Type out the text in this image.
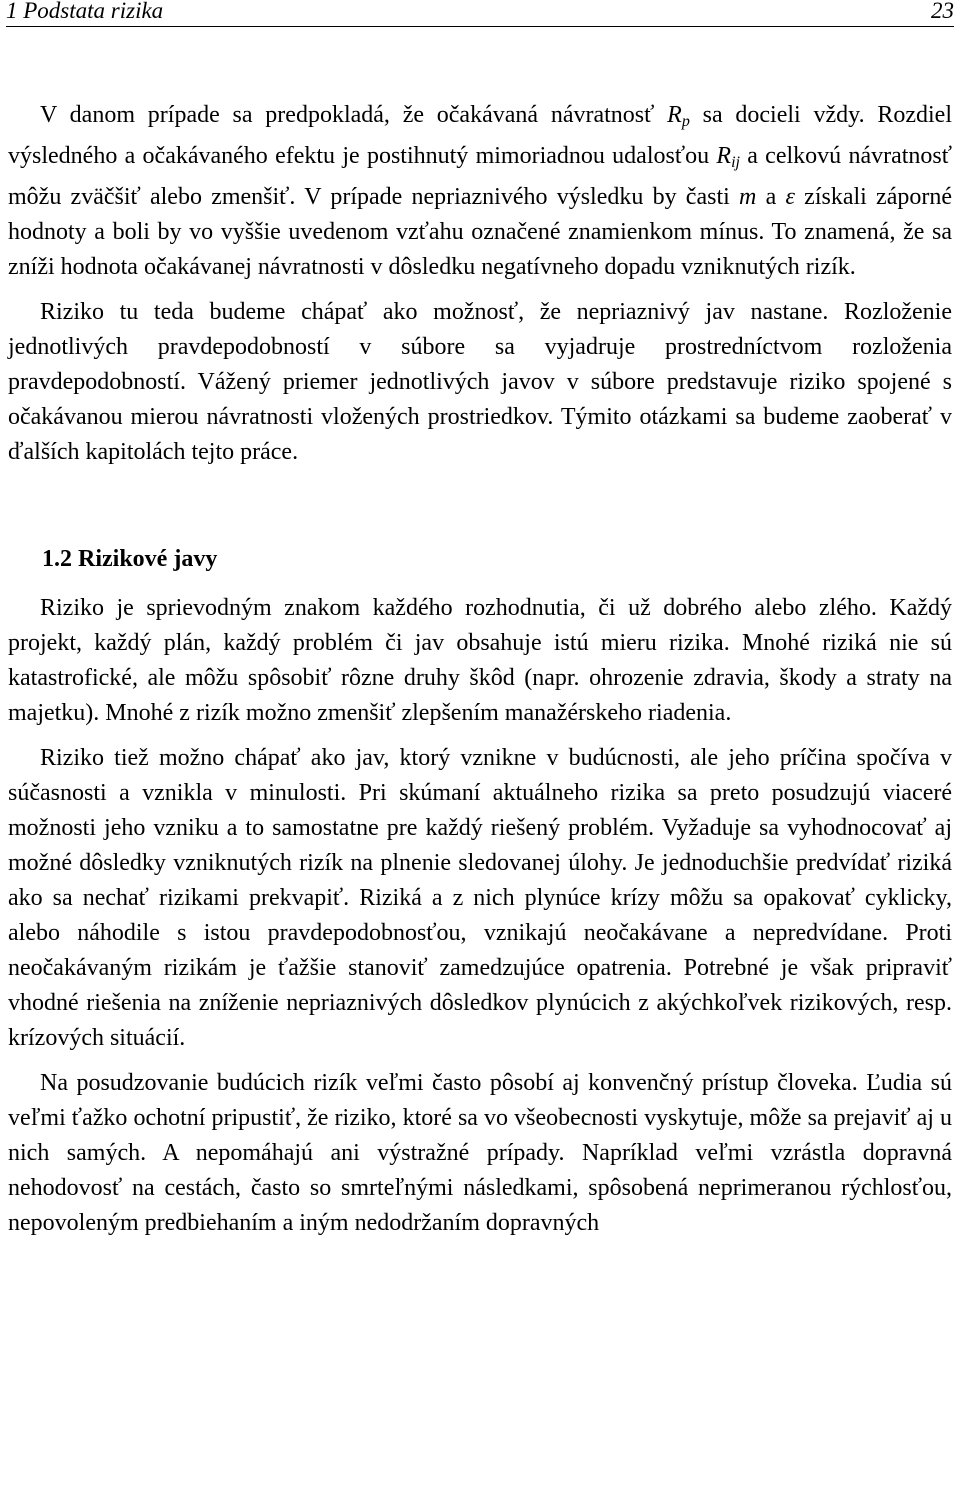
1 Podstata rizika	23

V danom prípade sa predpokladá, že očakávaná návratnosť $R_p$ sa docieli vždy. Rozdiel výsledného a očakávaného efektu je postihnutý mimoriadnou udalosťou $R_{ij}$ a celkovú návratnosť môžu zväčšiť alebo zmenšiť. V prípade nepriaznivého výsledku by časti m a ε získali záporné hodnoty a boli by vo vyššie uvedenom vzťahu označené znamienkom mínus. To znamená, že sa zníži hodnota očakávanej návratnosti v dôsledku negatívneho dopadu vzniknutých rizík.

Riziko tu teda budeme chápať ako možnosť, že nepriaznivý jav nastane. Rozloženie jednotlivých pravdepodobností v súbore sa vyjadruje prostredníctvom rozloženia pravdepodobností. Vážený priemer jednotlivých javov v súbore predstavuje riziko spojené s očakávanou mierou návratnosti vložených prostriedkov. Týmito otázkami sa budeme zaoberať v ďalších kapitolách tejto práce.

1.2 Rizikové javy

Riziko je sprievodným znakom každého rozhodnutia, či už dobrého alebo zlého. Každý projekt, každý plán, každý problém či jav obsahuje istú mieru rizika. Mnohé riziká nie sú katastrofické, ale môžu spôsobiť rôzne druhy škôd (napr. ohrozenie zdravia, škody a straty na majetku). Mnohé z rizík možno zmenšiť zlepšením manažérskeho riadenia.

Riziko tiež možno chápať ako jav, ktorý vznikne v budúcnosti, ale jeho príčina spočíva v súčasnosti a vznikla v minulosti. Pri skúmaní aktuálneho rizika sa preto posudzujú viaceré možnosti jeho vzniku a to samostatne pre každý riešený problém. Vyžaduje sa vyhodnocovať aj možné dôsledky vzniknutých rizík na plnenie sledovanej úlohy. Je jednoduchšie predvídať riziká ako sa nechať rizikami prekvapiť. Riziká a z nich plynúce krízy môžu sa opakovať cyklicky, alebo náhodile s istou pravdepodobnosťou, vznikajú neočakávane a nepredvídane. Proti neočakávaným rizikám je ťažšie stanoviť zamedzujúce opatrenia. Potrebné je však pripraviť vhodné riešenia na zníženie nepriaznivých dôsledkov plynúcich z akýchkoľvek rizikových, resp. krízových situácií.

Na posudzovanie budúcich rizík veľmi často pôsobí aj konvenčný prístup človeka. Ľudia sú veľmi ťažko ochotní pripustiť, že riziko, ktoré sa vo všeobecnosti vyskytuje, môže sa prejaviť aj u nich samých. A nepomáhajú ani výstražné prípady. Napríklad veľmi vzrástla dopravná nehodovosť na cestách, často so smrteľnými následkami, spôsobená neprimeranou rýchlosťou, nepovoleným predbiehaním a iným nedodržaním dopravných
